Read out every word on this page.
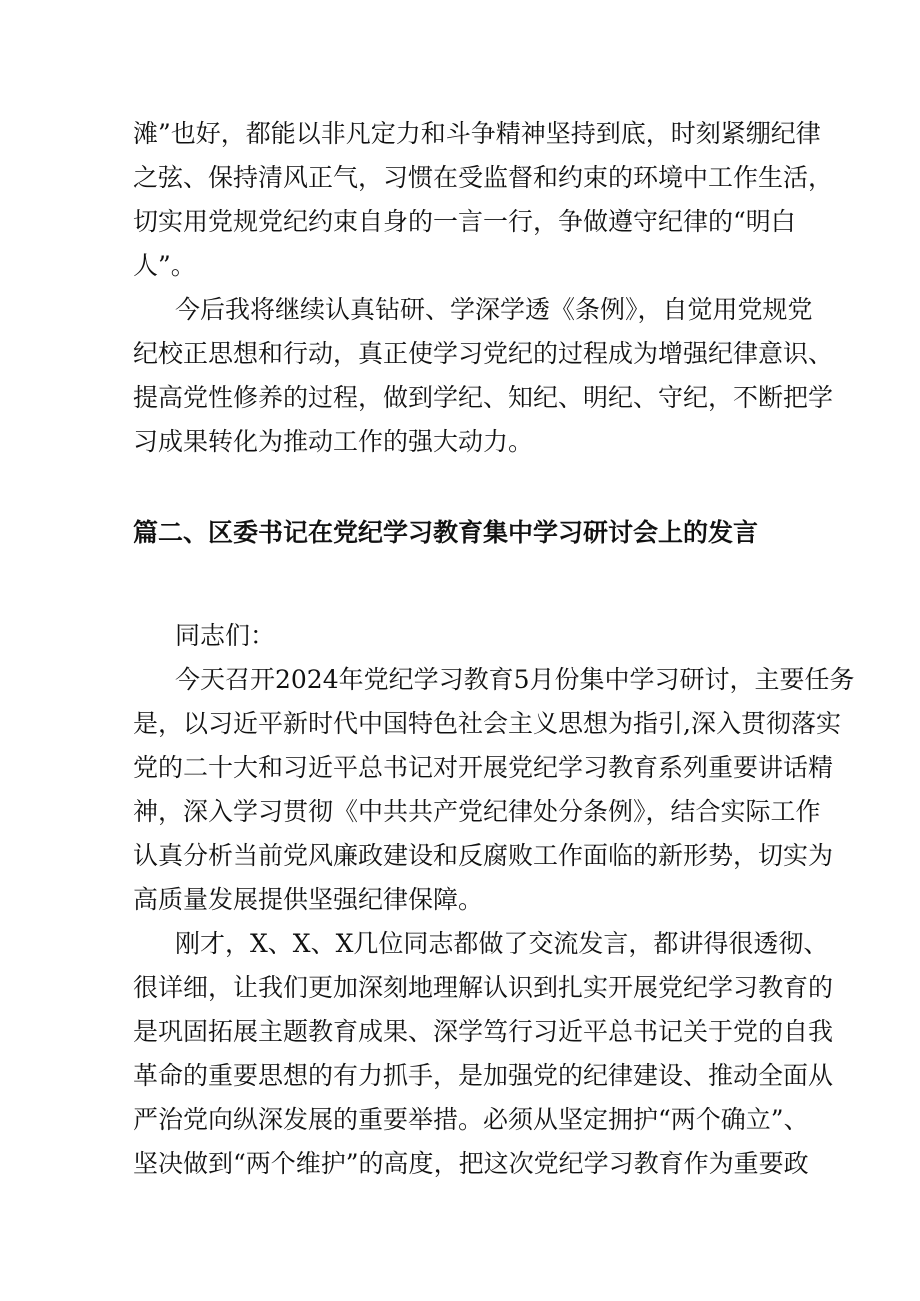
滩”也好，都能以非凡定力和斗争精神坚持到底，时刻紧绷纪律

之弦、保持清风正气，习惯在受监督和约束的环境中工作生活，

切实用党规党纪约束自身的一言一行，争做遵守纪律的“明白

人”。

今后我将继续认真钻研、学深学透《条例》，自觉用党规党

纪校正思想和行动，真正使学习党纪的过程成为增强纪律意识、

提高党性修养的过程，做到学纪、知纪、明纪、守纪，不断把学

习成果转化为推动工作的强大动力。

篇二、区委书记在党纪学习教育集中学习研讨会上的发言

同志们：

今天召开2024年党纪学习教育5月份集中学习研讨，主要任务

是，以习近平新时代中国特色社会主义思想为指引,深入贯彻落实

党的二十大和习近平总书记对开展党纪学习教育系列重要讲话精

神，深入学习贯彻《中共共产党纪律处分条例》，结合实际工作

认真分析当前党风廉政建设和反腐败工作面临的新形势，切实为

高质量发展提供坚强纪律保障。

刚才，X、X、X几位同志都做了交流发言，都讲得很透彻、

很详细，让我们更加深刻地理解认识到扎实开展党纪学习教育的

是巩固拓展主题教育成果、深学笃行习近平总书记关于党的自我

革命的重要思想的有力抓手，是加强党的纪律建设、推动全面从

严治党向纵深发展的重要举措。必须从坚定拥护“两个确立”、

坚决做到“两个维护”的高度，把这次党纪学习教育作为重要政
